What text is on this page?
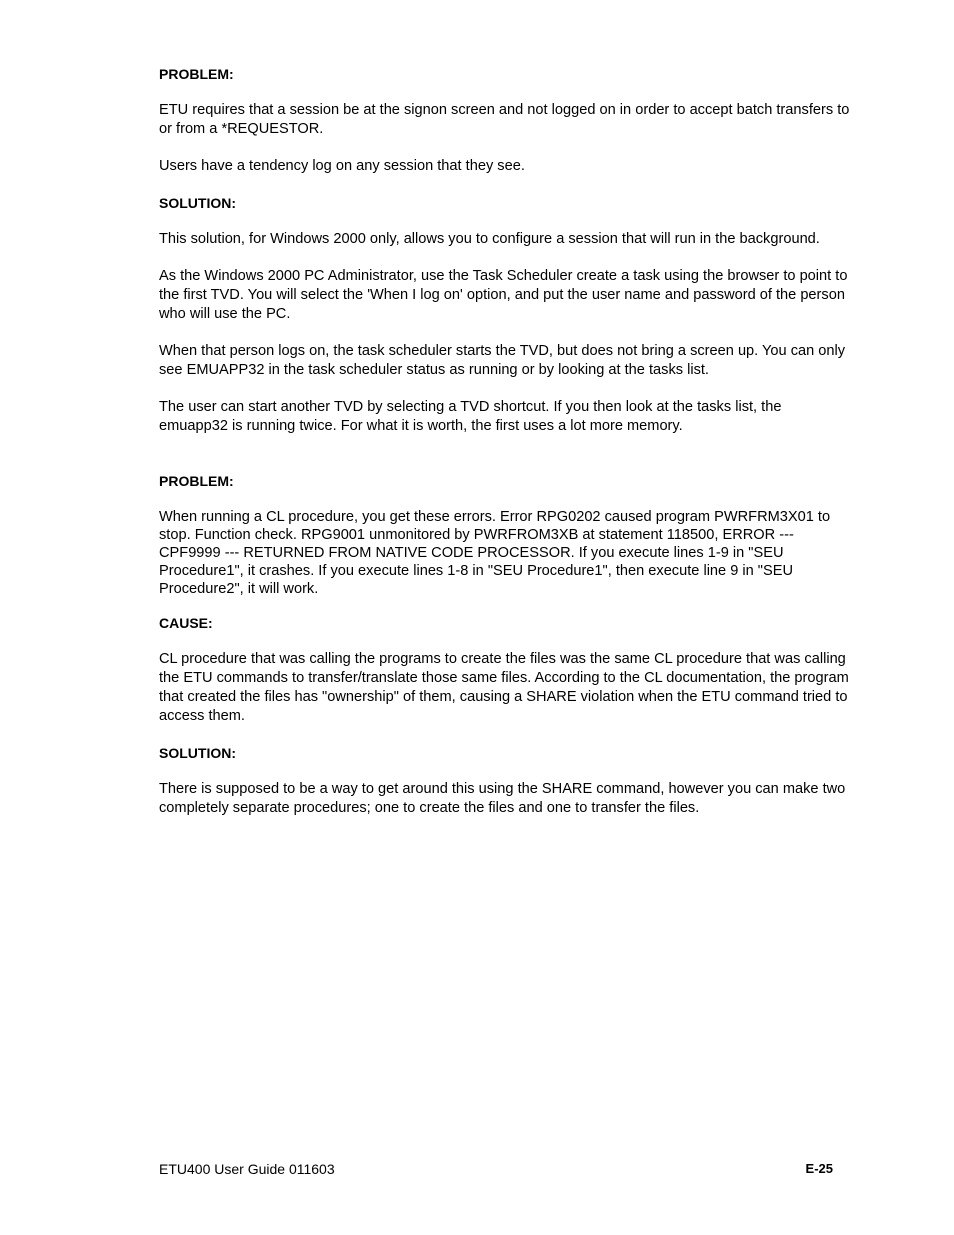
PROBLEM:
ETU requires that a session be at the signon screen and not logged on in order to accept batch transfers to or from a *REQUESTOR.
Users have a tendency log on any session that they see.
SOLUTION:
This solution, for Windows 2000 only, allows you to configure a session that will run in the background.
As the Windows 2000 PC Administrator, use the Task Scheduler create a task using the browser to point to the first TVD. You will select the 'When I log on' option, and put the user name and password of the person who will use the PC.
When that person logs on, the task scheduler starts the TVD, but does not bring a screen up. You can only see EMUAPP32 in the task scheduler status as running or by looking at the tasks list.
The user can start another TVD by selecting a TVD shortcut. If you then look at the tasks list, the emuapp32 is running twice. For what it is worth, the first uses a lot more memory.
PROBLEM:
When running a CL procedure, you get these errors. Error RPG0202 caused program PWRFRM3X01 to stop. Function check. RPG9001 unmonitored by PWRFROM3XB at statement 118500, ERROR --- CPF9999 --- RETURNED FROM NATIVE CODE PROCESSOR. If you execute lines 1-9 in "SEU Procedure1", it crashes. If you execute lines 1-8 in "SEU Procedure1", then execute line 9 in "SEU Procedure2", it will work.
CAUSE:
CL procedure that was calling the programs to create the files was the same CL procedure that was calling the ETU commands to transfer/translate those same files. According to the CL documentation, the program that created the files has "ownership" of them, causing a SHARE violation when the ETU command tried to access them.
SOLUTION:
There is supposed to be a way to get around this using the SHARE command, however you can make two completely separate procedures; one to create the files and one to transfer the files.
ETU400 User Guide 011603	E-25
